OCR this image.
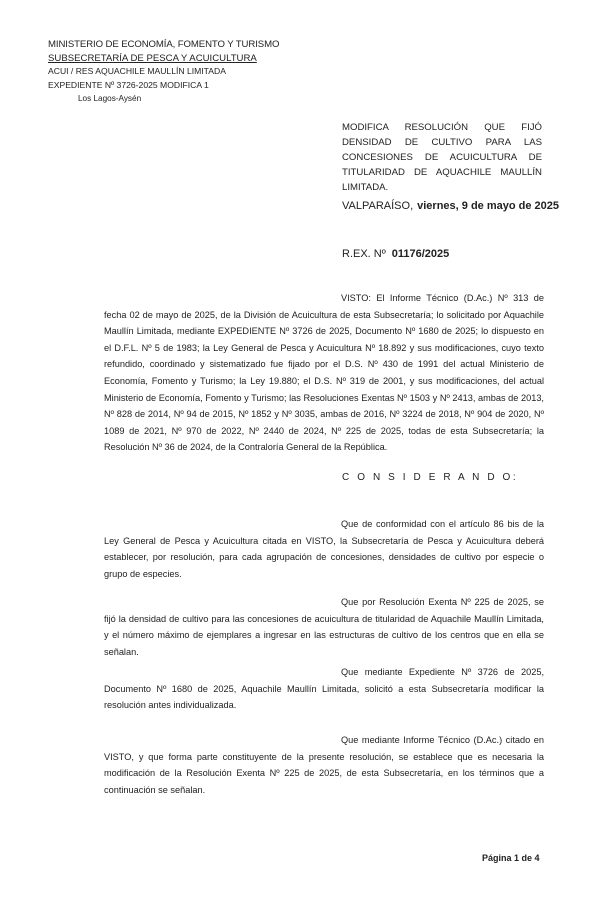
MINISTERIO DE ECONOMÍA, FOMENTO Y TURISMO
SUBSECRETARÍA DE PESCA Y ACUICULTURA
ACUI / RES AQUACHILE MAULLÍN LIMITADA
EXPEDIENTE Nº 3726-2025 MODIFICA 1
Los Lagos-Aysén
MODIFICA RESOLUCIÓN QUE FIJÓ DENSIDAD DE CULTIVO PARA LAS CONCESIONES DE ACUICULTURA DE TITULARIDAD DE AQUACHILE MAULLÍN LIMITADA.
VALPARAÍSO, viernes, 9 de mayo de 2025
R.EX. Nº 01176/2025
VISTO: El Informe Técnico (D.Ac.) Nº 313 de fecha 02 de mayo de 2025, de la División de Acuicultura de esta Subsecretaría; lo solicitado por Aquachile Maullín Limitada, mediante EXPEDIENTE Nº 3726 de 2025, Documento Nº 1680 de 2025; lo dispuesto en el D.F.L. Nº 5 de 1983; la Ley General de Pesca y Acuicultura Nº 18.892 y sus modificaciones, cuyo texto refundido, coordinado y sistematizado fue fijado por el D.S. Nº 430 de 1991 del actual Ministerio de Economía, Fomento y Turismo; la Ley 19.880; el D.S. Nº 319 de 2001, y sus modificaciones, del actual Ministerio de Economía, Fomento y Turismo; las Resoluciones Exentas Nº 1503 y Nº 2413, ambas de 2013, Nº 828 de 2014, Nº 94 de 2015, Nº 1852 y Nº 3035, ambas de 2016, Nº 3224 de 2018, Nº 904 de 2020, Nº 1089 de 2021, Nº 970 de 2022, Nº 2440 de 2024, Nº 225 de 2025, todas de esta Subsecretaría; la Resolución Nº 36 de 2024, de la Contraloría General de la República.
C O N S I D E R A N D O:
Que de conformidad con el artículo 86 bis de la Ley General de Pesca y Acuicultura citada en VISTO, la Subsecretaría de Pesca y Acuicultura deberá establecer, por resolución, para cada agrupación de concesiones, densidades de cultivo por especie o grupo de especies.
Que por Resolución Exenta Nº 225 de 2025, se fijó la densidad de cultivo para las concesiones de acuicultura de titularidad de Aquachile Maullín Limitada, y el número máximo de ejemplares a ingresar en las estructuras de cultivo de los centros que en ella se señalan.
Que mediante Expediente Nº 3726 de 2025, Documento Nº 1680 de 2025, Aquachile Maullín Limitada, solicitó a esta Subsecretaría modificar la resolución antes individualizada.
Que mediante Informe Técnico (D.Ac.) citado en VISTO, y que forma parte constituyente de la presente resolución, se establece que es necesaria la modificación de la Resolución Exenta Nº 225 de 2025, de esta Subsecretaría, en los términos que a continuación se señalan.
Página 1 de 4
